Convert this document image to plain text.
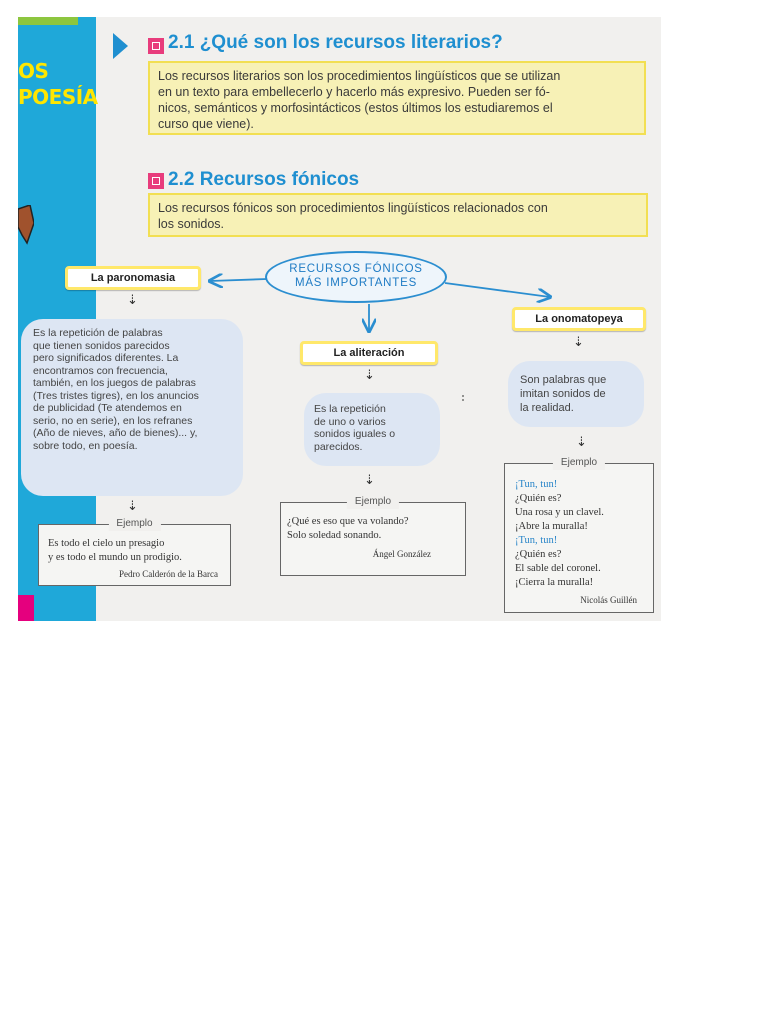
OS
POESÍA
2.1 ¿Qué son los recursos literarios?
Los recursos literarios son los procedimientos lingüísticos que se utilizan
en un texto para embellecerlo y hacerlo más expresivo. Pueden ser fó-
nicos, semánticos y morfosintácticos (estos últimos los estudiaremos el
curso que viene).
2.2 Recursos fónicos
Los recursos fónicos son procedimientos lingüísticos relacionados con
los sonidos.
RECURSOS FÓNICOS
MÁS IMPORTANTES
La paronomasia
⇣
Es la repetición de palabras
que tienen sonidos parecidos
pero significados diferentes. La
encontramos con frecuencia,
también, en los juegos de palabras
(Tres tristes tigres), en los anuncios
de publicidad (Te atendemos en
serio, no en serie), en los refranes
(Año de nieves, año de bienes)... y,
sobre todo, en poesía.
⇣
Ejemplo
Es todo el cielo un presagio
y es todo el mundo un prodigio.
Pedro Calderón de la Barca
La aliteración
⇣
Es la repetición
de uno o varios
sonidos iguales o
parecidos.
⇣
Ejemplo
¿Qué es eso que va volando?
Solo soledad sonando.
Ángel González
La onomatopeya
⇣
Son palabras que
imitan sonidos de
la realidad.
⇣
Ejemplo
¡Tun, tun!
¿Quién es?
Una rosa y un clavel.
¡Abre la muralla!
¡Tun, tun!
¿Quién es?
El sable del coronel.
¡Cierra la muralla!
Nicolás Guillén
